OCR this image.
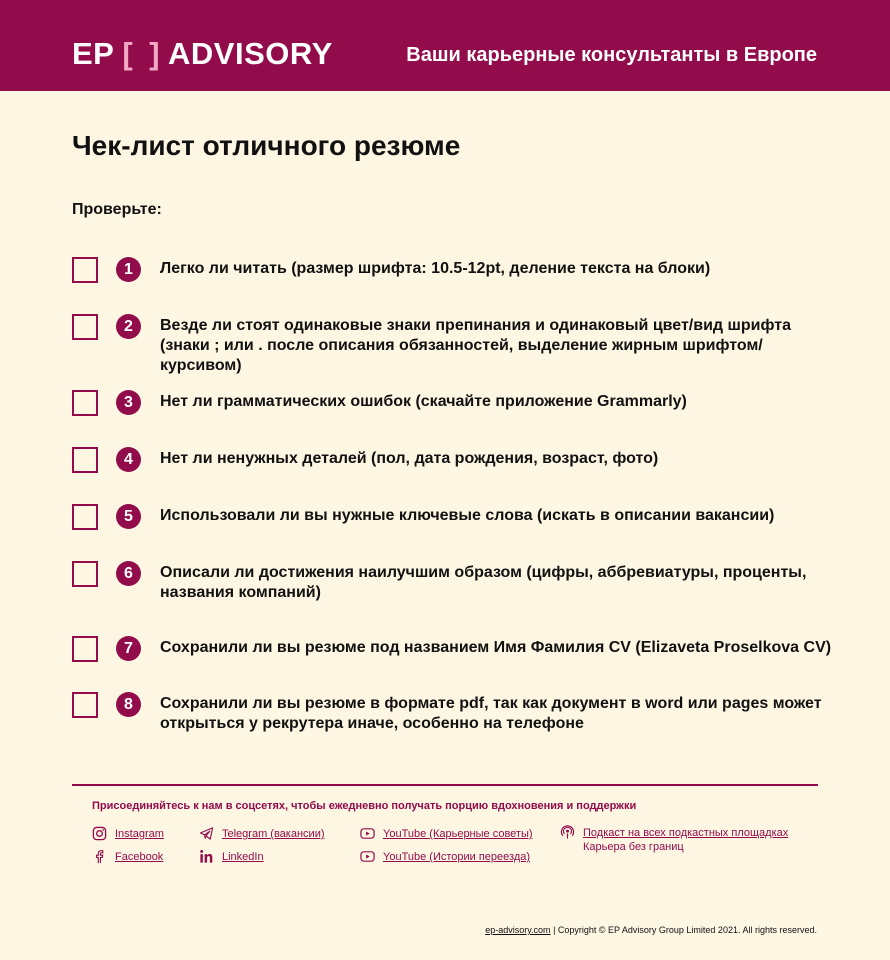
EP [ ] ADVISORY	Ваши карьерные консультанты в Европе
Чек-лист отличного резюме
Проверьте:
1	Легко ли читать (размер шрифта: 10.5-12pt, деление текста на блоки)
2	Везде ли стоят одинаковые знаки препинания и одинаковый цвет/вид шрифта (знаки ; или . после описания обязанностей, выделение жирным шрифтом/курсивом)
3	Нет ли грамматических ошибок (скачайте приложение Grammarly)
4	Нет ли ненужных деталей (пол, дата рождения, возраст, фото)
5	Использовали ли вы нужные ключевые слова (искать в описании вакансии)
6	Описали ли достижения наилучшим образом (цифры, аббревиатуры, проценты, названия компаний)
7	Сохранили ли вы резюме под названием Имя Фамилия CV (Elizaveta Proselkova CV)
8	Сохранили ли вы резюме в формате pdf, так как документ в word или pages может открыться у рекрутера иначе, особенно на телефоне
Присоединяйтесь к нам в соцсетях, чтобы ежедневно получать порцию вдохновения и поддержки
Instagram
Facebook
Telegram (вакансии)
LinkedIn
YouTube (Карьерные советы)
YouTube (Истории переезда)
Подкаст на всех подкастных площадках
Карьера без границ
ep-advisory.com | Copyright © EP Advisory Group Limited 2021. All rights reserved.
